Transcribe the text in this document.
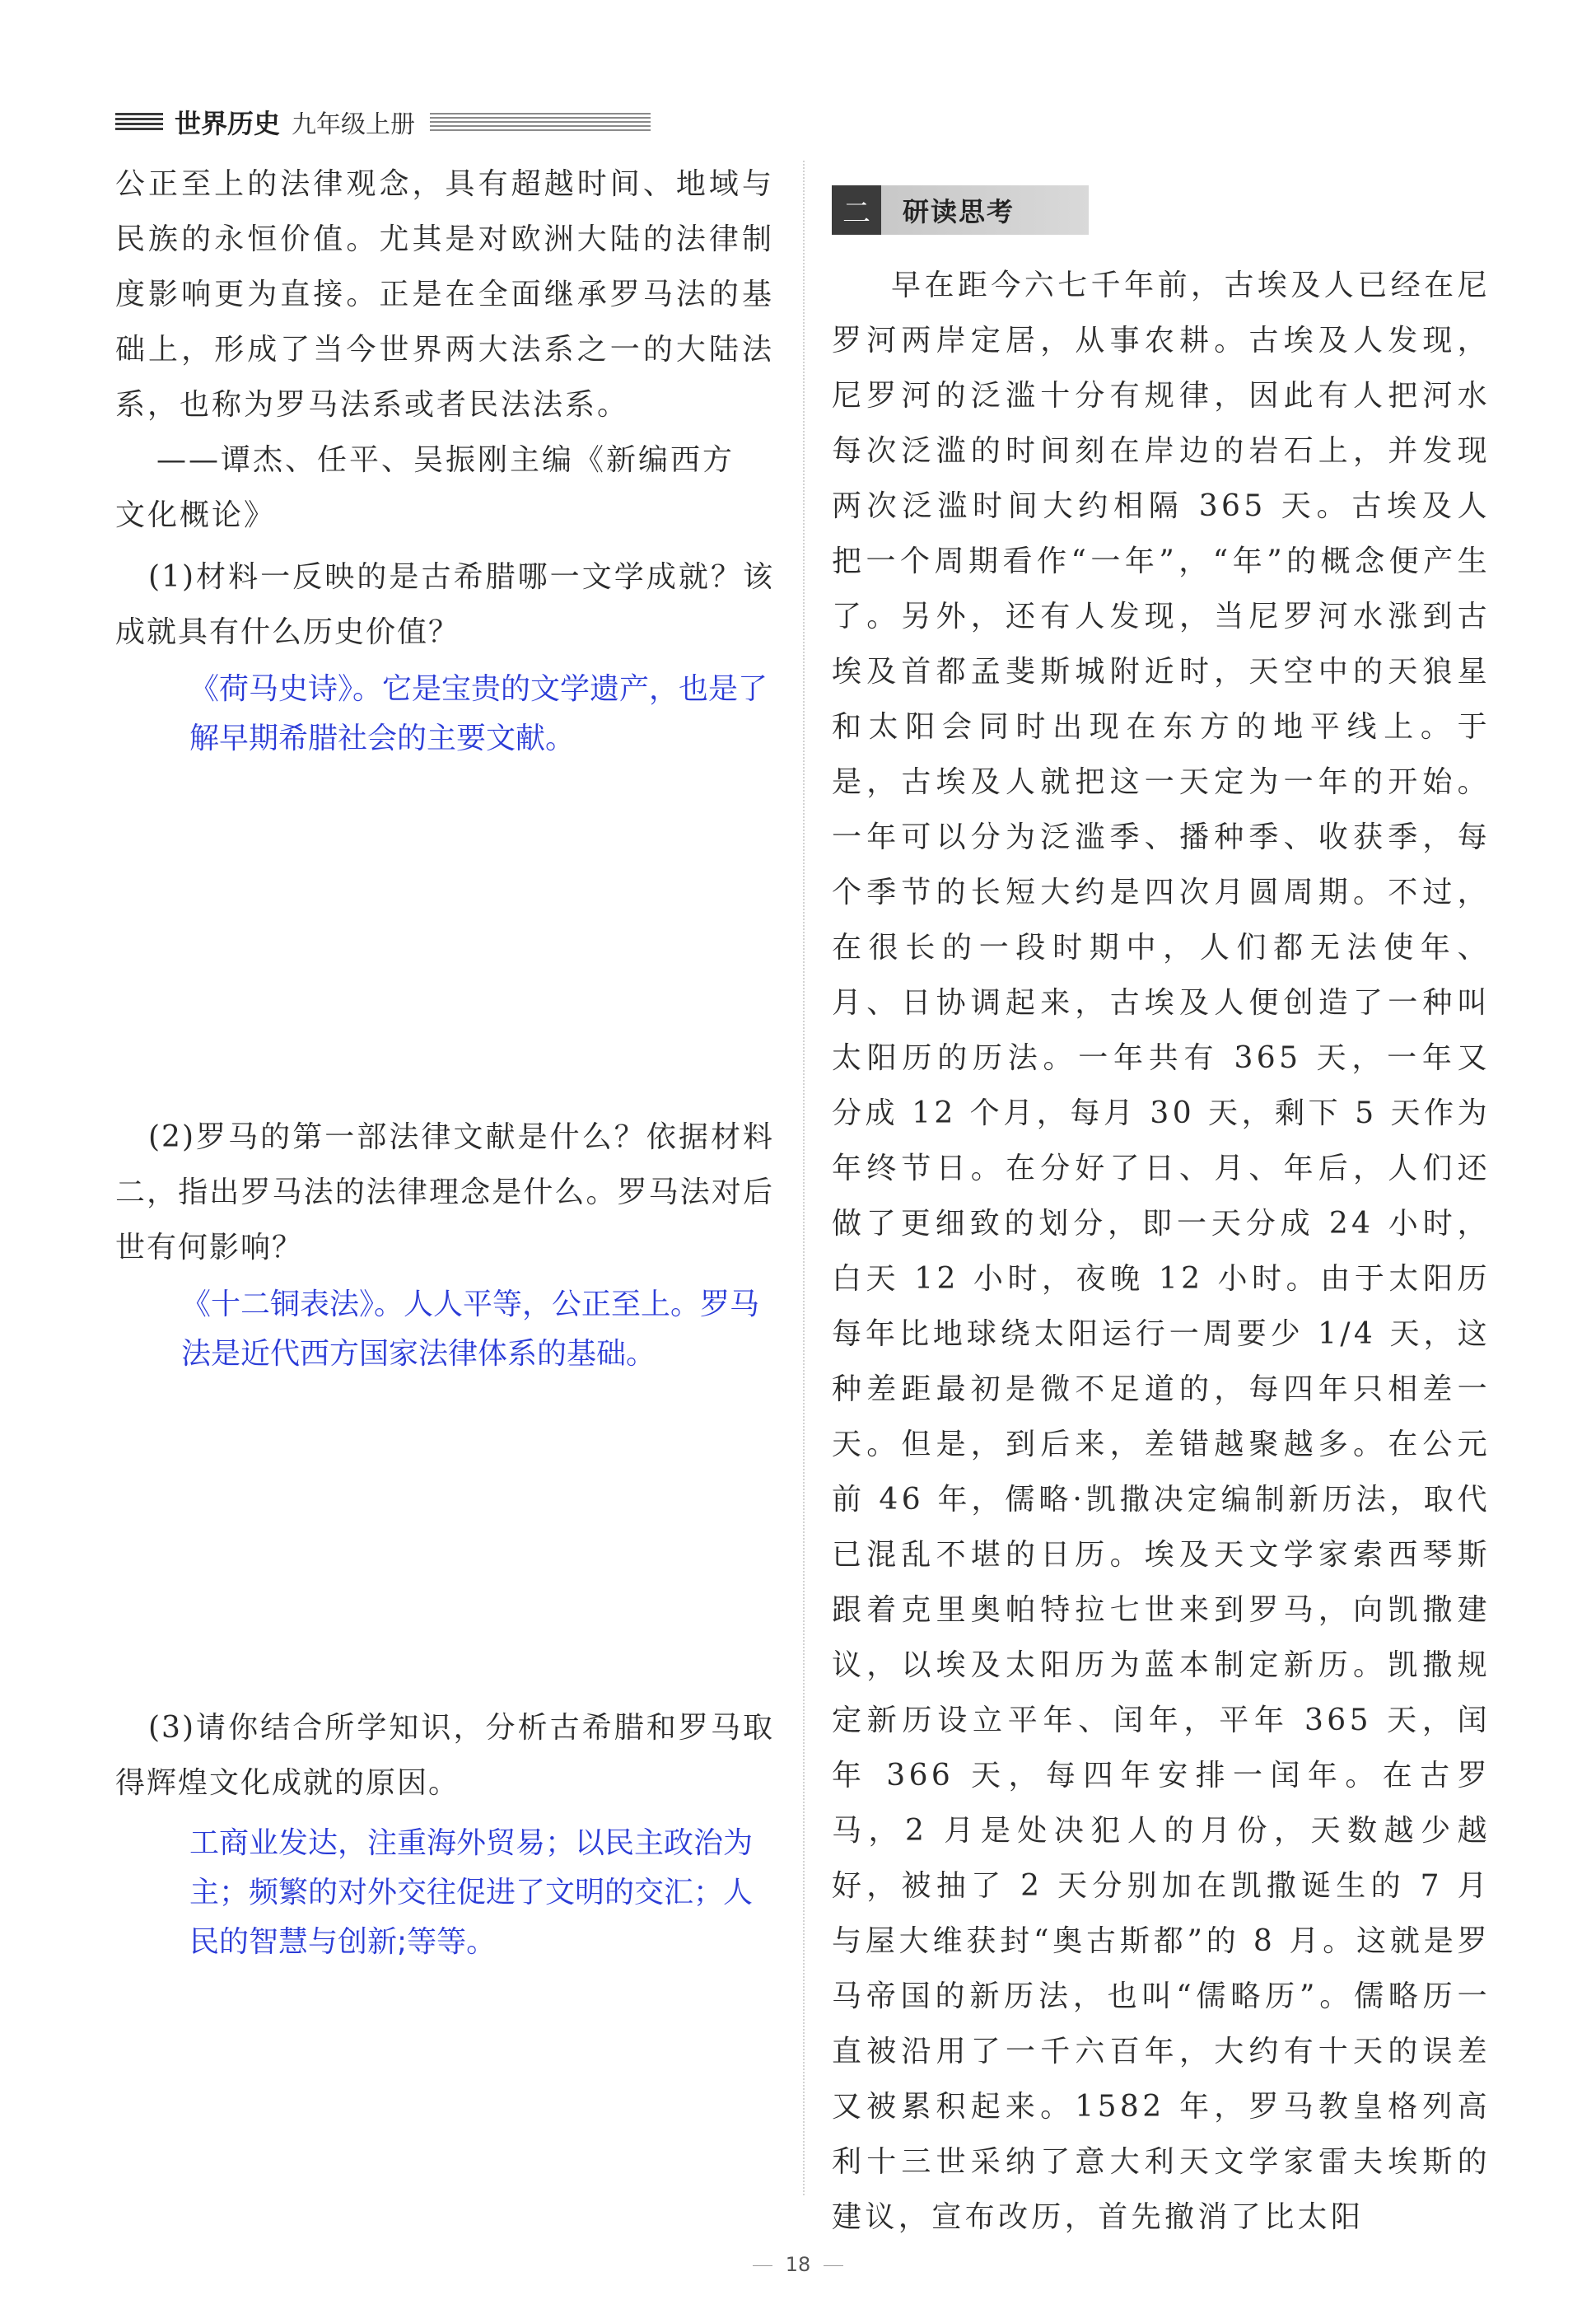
世界历史 九年级上册

公正至上的法律观念，具有超越时间、地域与民族的永恒价值。尤其是对欧洲大陆的法律制度影响更为直接。正是在全面继承罗马法的基础上，形成了当今世界两大法系之一的大陆法系，也称为罗马法系或者民法法系。

——谭杰、任平、吴振刚主编《新编西方

文化概论》

(1)材料一反映的是古希腊哪一文学成就？该成就具有什么历史价值？

《荷马史诗》。它是宝贵的文学遗产，也是了解早期希腊社会的主要文献。

(2)罗马的第一部法律文献是什么？依据材料二，指出罗马法的法律理念是什么。罗马法对后世有何影响？

《十二铜表法》。人人平等，公正至上。罗马法是近代西方国家法律体系的基础。

(3)请你结合所学知识，分析古希腊和罗马取得辉煌文化成就的原因。

工商业发达，注重海外贸易；以民主政治为主；频繁的对外交往促进了文明的交汇；人民的智慧与创新;等等。

二	研读思考

早在距今六七千年前，古埃及人已经在尼罗河两岸定居，从事农耕。古埃及人发现，尼罗河的泛滥十分有规律，因此有人把河水每次泛滥的时间刻在岸边的岩石上，并发现两次泛滥时间大约相隔 365 天。古埃及人把一个周期看作“一年”，“年”的概念便产生了。另外，还有人发现，当尼罗河水涨到古埃及首都孟斐斯城附近时，天空中的天狼星和太阳会同时出现在东方的地平线上。于是，古埃及人就把这一天定为一年的开始。一年可以分为泛滥季、播种季、收获季，每个季节的长短大约是四次月圆周期。不过，在很长的一段时期中，人们都无法使年、月、日协调起来，古埃及人便创造了一种叫太阳历的历法。一年共有 365 天，一年又分成 12 个月，每月 30 天，剩下 5 天作为年终节日。在分好了日、月、年后，人们还做了更细致的划分，即一天分成 24 小时，白天 12 小时，夜晚 12 小时。由于太阳历每年比地球绕太阳运行一周要少 1/4 天，这种差距最初是微不足道的，每四年只相差一天。但是，到后来，差错越聚越多。在公元前 46 年，儒略·凯撒决定编制新历法，取代已混乱不堪的日历。埃及天文学家索西琴斯跟着克里奥帕特拉七世来到罗马，向凯撒建议，以埃及太阳历为蓝本制定新历。凯撒规定新历设立平年、闰年，平年 365 天，闰年 366 天，每四年安排一闰年。在古罗马，2 月是处决犯人的月份，天数越少越好，被抽了 2 天分别加在凯撒诞生的 7 月与屋大维获封“奥古斯都”的 8 月。这就是罗马帝国的新历法，也叫“儒略历”。儒略历一直被沿用了一千六百年，大约有十天的误差又被累积起来。1582 年，罗马教皇格列高利十三世采纳了意大利天文学家雷夫埃斯的建议，宣布改历，首先撤消了比太阳

18
